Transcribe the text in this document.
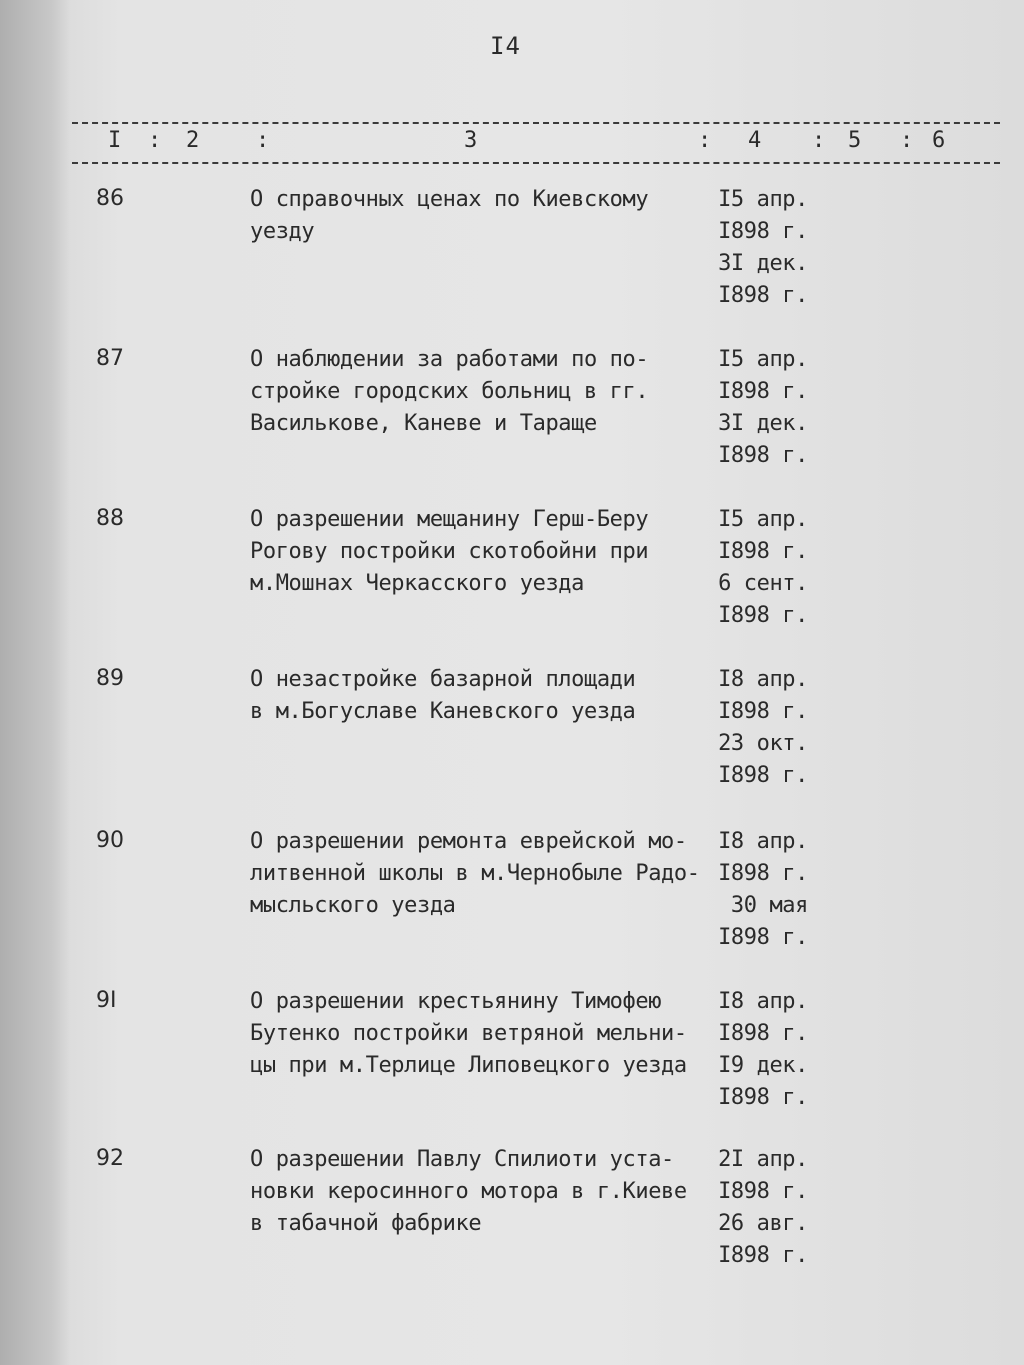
I4
I : 2	:	3	: 4 : 5 : 6
86	О справочных ценах по Киевскому
уезду
I5 апр.
I898 г.
3I дек.
I898 г.
87	О наблюдении за работами по по-
стройке городских больниц в гг.
Василькове, Каневе и Таращe
I5 апр.
I898 г.
3I дек.
I898 г.
88	О разрешении мещанину Герш-Беру
Рогову постройки скотобойни при
м.Мошнах Черкасского уезда
I5 апр.
I898 г.
6 сент.
I898 г.
89	О незастройке базарной площади
в м.Богуславе Каневского уезда
I8 апр.
I898 г.
23 окт.
I898 г.
90	О разрешении ремонта еврейской мо-
литвенной школы в м.Чернобыле Радо-
мысльского уезда
I8 апр.
I898 г.
30 мая
I898 г.
9I	О разрешении крестьянину Тимофею
Бутенко постройки ветряной мельни-
цы при м.Терлице Липовецкого уезда
I8 апр.
I898 г.
I9 дек.
I898 г.
92	О разрешении Павлу Спилиоти уста-
новки керосинного мотора в г.Киеве
в табачной фабрике
2I апр.
I898 г.
26 авг.
I898 г.
